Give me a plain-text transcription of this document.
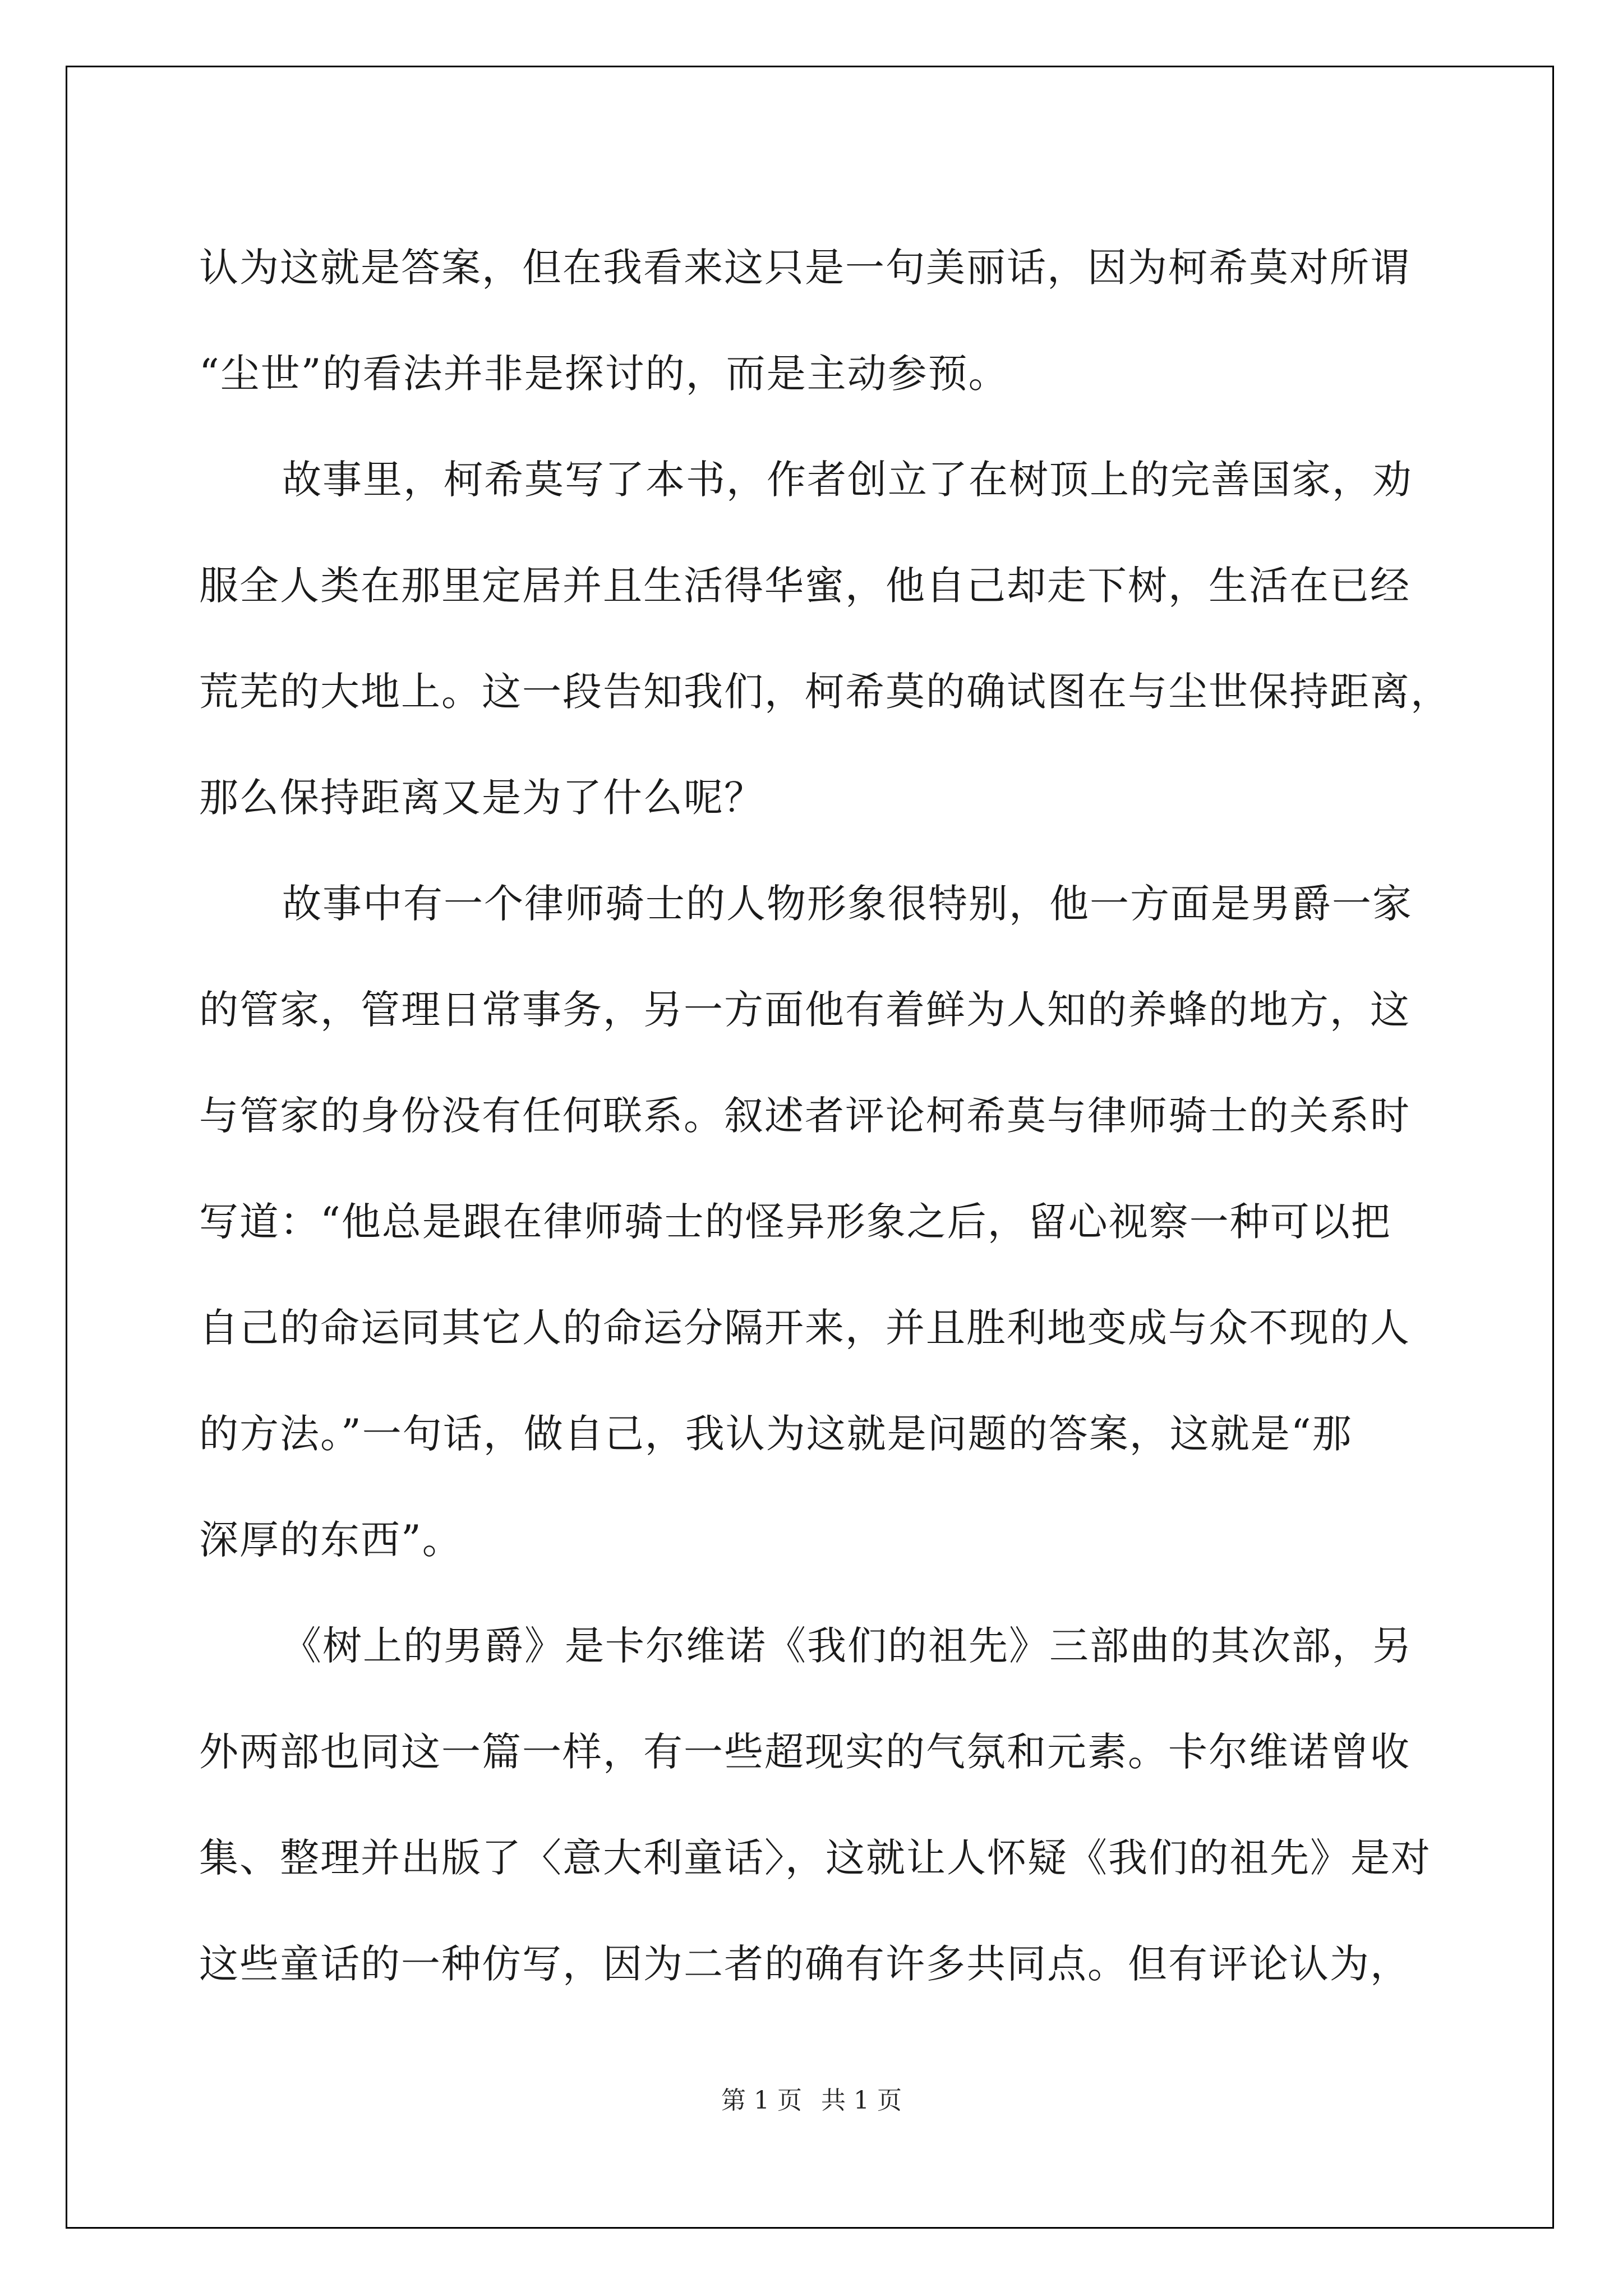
认为这就是答案，但在我看来这只是一句美丽话，因为柯希莫对所谓
“尘世”的看法并非是探讨的，而是主动参预。
故事里，柯希莫写了本书，作者创立了在树顶上的完善国家，劝
服全人类在那里定居并且生活得华蜜，他自己却走下树，生活在已经
荒芜的大地上。这一段告知我们，柯希莫的确试图在与尘世保持距离，
那么保持距离又是为了什么呢？
故事中有一个律师骑士的人物形象很特别，他一方面是男爵一家
的管家，管理日常事务，另一方面他有着鲜为人知的养蜂的地方，这
与管家的身份没有任何联系。叙述者评论柯希莫与律师骑士的关系时
写道：“他总是跟在律师骑士的怪异形象之后，留心视察一种可以把
自己的命运同其它人的命运分隔开来，并且胜利地变成与众不现的人
的方法。”一句话，做自己，我认为这就是问题的答案，这就是“那
深厚的东西”。
《树上的男爵》是卡尔维诺《我们的祖先》三部曲的其次部，另
外两部也同这一篇一样，有一些超现实的气氛和元素。卡尔维诺曾收
集、整理并出版了〈意大利童话〉，这就让人怀疑《我们的祖先》是对
这些童话的一种仿写，因为二者的确有许多共同点。但有评论认为，
第 1 页 共 1 页
